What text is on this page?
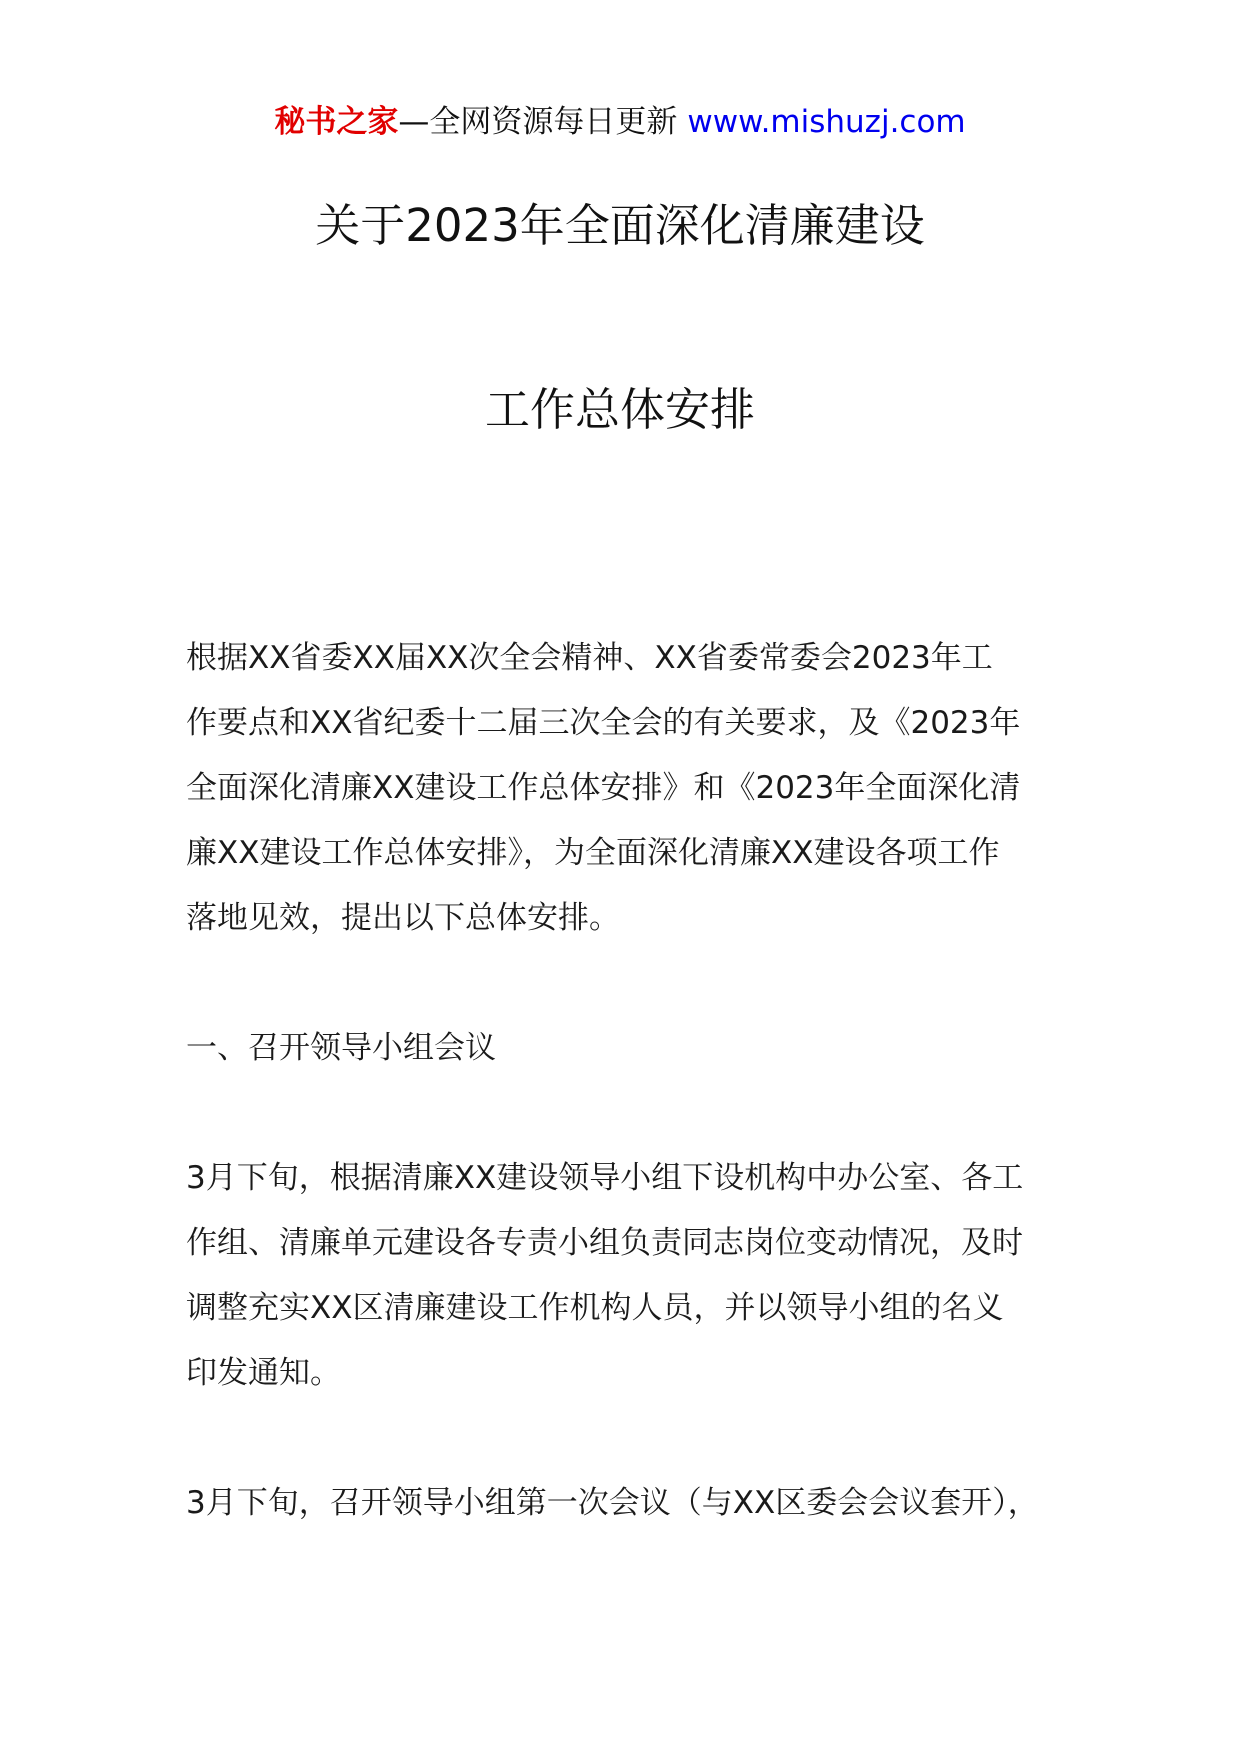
秘书之家—全网资源每日更新 www.mishuzj.com
关于2023年全面深化清廉建设
工作总体安排

根据XX省委XX届XX次全会精神、XX省委常委会2023年工
作要点和XX省纪委十二届三次全会的有关要求，及《2023年
全面深化清廉XX建设工作总体安排》和《2023年全面深化清
廉XX建设工作总体安排》，为全面深化清廉XX建设各项工作
落地见效，提出以下总体安排。

一、召开领导小组会议

3月下旬，根据清廉XX建设领导小组下设机构中办公室、各工
作组、清廉单元建设各专责小组负责同志岗位变动情况，及时
调整充实XX区清廉建设工作机构人员，并以领导小组的名义
印发通知。

3月下旬，召开领导小组第一次会议（与XX区委会会议套开），
